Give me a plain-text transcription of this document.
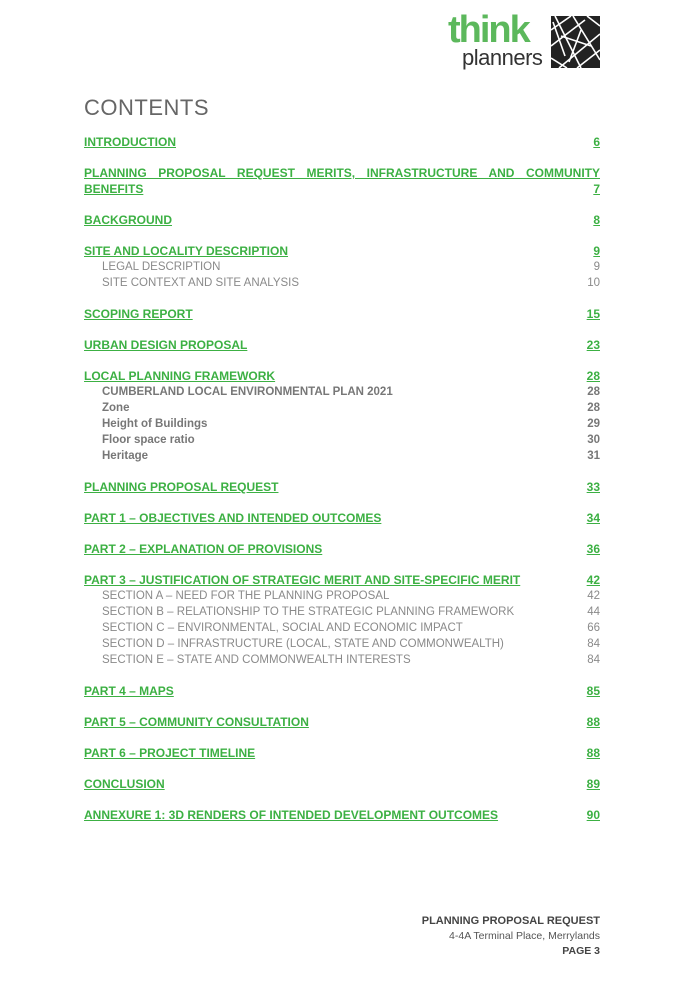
think
planners
CONTENTS
INTRODUCTION	6
PLANNING PROPOSAL REQUEST MERITS, INFRASTRUCTURE AND COMMUNITY
BENEFITS	7
BACKGROUND	8
SITE AND LOCALITY DESCRIPTION	9
LEGAL DESCRIPTION	9
SITE CONTEXT AND SITE ANALYSIS	10
SCOPING REPORT	15
URBAN DESIGN PROPOSAL	23
LOCAL PLANNING FRAMEWORK	28
CUMBERLAND LOCAL ENVIRONMENTAL PLAN 2021	28
Zone	28
Height of Buildings	29
Floor space ratio	30
Heritage	31
PLANNING PROPOSAL REQUEST	33
PART 1 – OBJECTIVES AND INTENDED OUTCOMES	34
PART 2 – EXPLANATION OF PROVISIONS	36
PART 3 – JUSTIFICATION OF STRATEGIC MERIT AND SITE-SPECIFIC MERIT	42
SECTION A – NEED FOR THE PLANNING PROPOSAL	42
SECTION B – RELATIONSHIP TO THE STRATEGIC PLANNING FRAMEWORK	44
SECTION C – ENVIRONMENTAL, SOCIAL AND ECONOMIC IMPACT	66
SECTION D – INFRASTRUCTURE (LOCAL, STATE AND COMMONWEALTH)	84
SECTION E – STATE AND COMMONWEALTH INTERESTS	84
PART 4 – MAPS	85
PART 5 – COMMUNITY CONSULTATION	88
PART 6 – PROJECT TIMELINE	88
CONCLUSION	89
ANNEXURE 1: 3D RENDERS OF INTENDED DEVELOPMENT OUTCOMES	90
PLANNING PROPOSAL REQUEST
4-4A Terminal Place, Merrylands
PAGE 3
